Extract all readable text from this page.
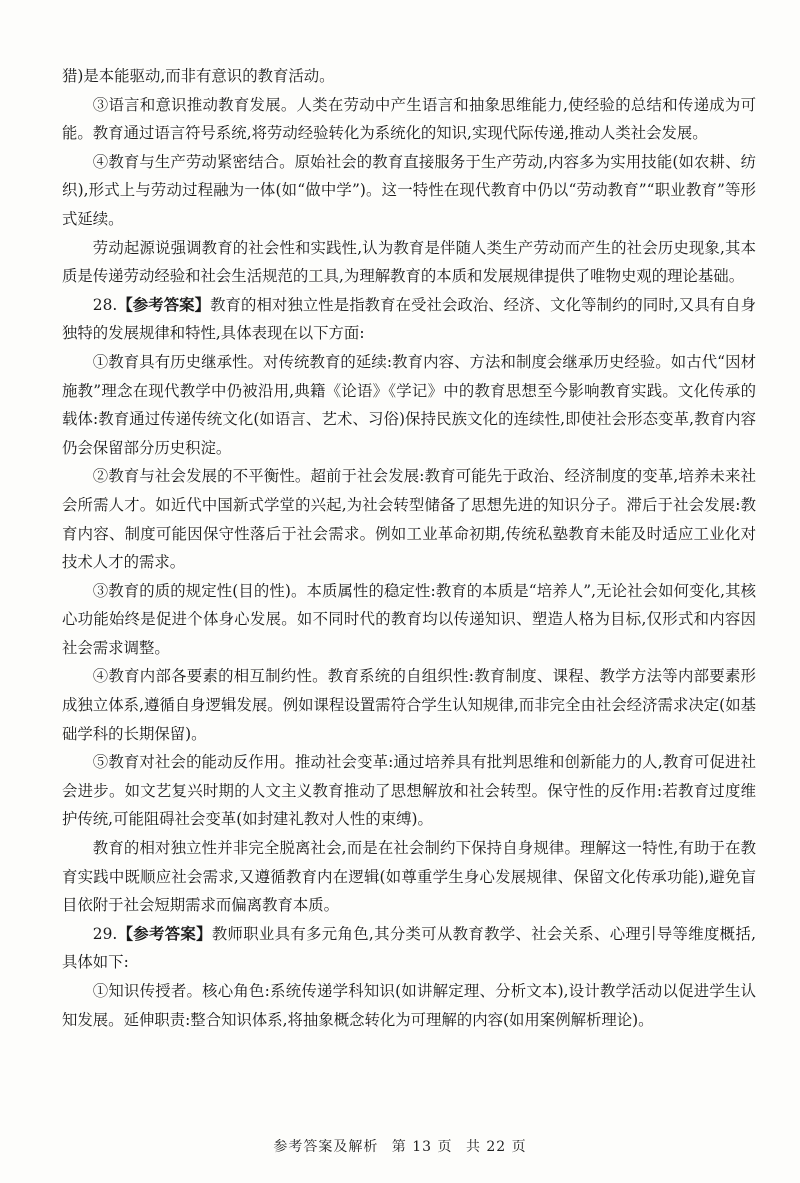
猎)是本能驱动,而非有意识的教育活动。

③语言和意识推动教育发展。人类在劳动中产生语言和抽象思维能力,使经验的总结和传递成为可能。教育通过语言符号系统,将劳动经验转化为系统化的知识,实现代际传递,推动人类社会发展。

④教育与生产劳动紧密结合。原始社会的教育直接服务于生产劳动,内容多为实用技能(如农耕、纺织),形式上与劳动过程融为一体(如“做中学”)。这一特性在现代教育中仍以“劳动教育”“职业教育”等形式延续。

劳动起源说强调教育的社会性和实践性,认为教育是伴随人类生产劳动而产生的社会历史现象,其本质是传递劳动经验和社会生活规范的工具,为理解教育的本质和发展规律提供了唯物史观的理论基础。

28.【参考答案】教育的相对独立性是指教育在受社会政治、经济、文化等制约的同时,又具有自身独特的发展规律和特性,具体表现在以下方面:

①教育具有历史继承性。对传统教育的延续:教育内容、方法和制度会继承历史经验。如古代“因材施教”理念在现代教学中仍被沿用,典籍《论语》《学记》中的教育思想至今影响教育实践。文化传承的载体:教育通过传递传统文化(如语言、艺术、习俗)保持民族文化的连续性,即使社会形态变革,教育内容仍会保留部分历史积淀。

②教育与社会发展的不平衡性。超前于社会发展:教育可能先于政治、经济制度的变革,培养未来社会所需人才。如近代中国新式学堂的兴起,为社会转型储备了思想先进的知识分子。滞后于社会发展:教育内容、制度可能因保守性落后于社会需求。例如工业革命初期,传统私塾教育未能及时适应工业化对技术人才的需求。

③教育的质的规定性(目的性)。本质属性的稳定性:教育的本质是“培养人”,无论社会如何变化,其核心功能始终是促进个体身心发展。如不同时代的教育均以传递知识、塑造人格为目标,仅形式和内容因社会需求调整。

④教育内部各要素的相互制约性。教育系统的自组织性:教育制度、课程、教学方法等内部要素形成独立体系,遵循自身逻辑发展。例如课程设置需符合学生认知规律,而非完全由社会经济需求决定(如基础学科的长期保留)。

⑤教育对社会的能动反作用。推动社会变革:通过培养具有批判思维和创新能力的人,教育可促进社会进步。如文艺复兴时期的人文主义教育推动了思想解放和社会转型。保守性的反作用:若教育过度维护传统,可能阻碍社会变革(如封建礼教对人性的束缚)。

教育的相对独立性并非完全脱离社会,而是在社会制约下保持自身规律。理解这一特性,有助于在教育实践中既顺应社会需求,又遵循教育内在逻辑(如尊重学生身心发展规律、保留文化传承功能),避免盲目依附于社会短期需求而偏离教育本质。

29.【参考答案】教师职业具有多元角色,其分类可从教育教学、社会关系、心理引导等维度概括,具体如下:

①知识传授者。核心角色:系统传递学科知识(如讲解定理、分析文本),设计教学活动以促进学生认知发展。延伸职责:整合知识体系,将抽象概念转化为可理解的内容(如用案例解析理论)。

参考答案及解析 第 13 页 共 22 页
